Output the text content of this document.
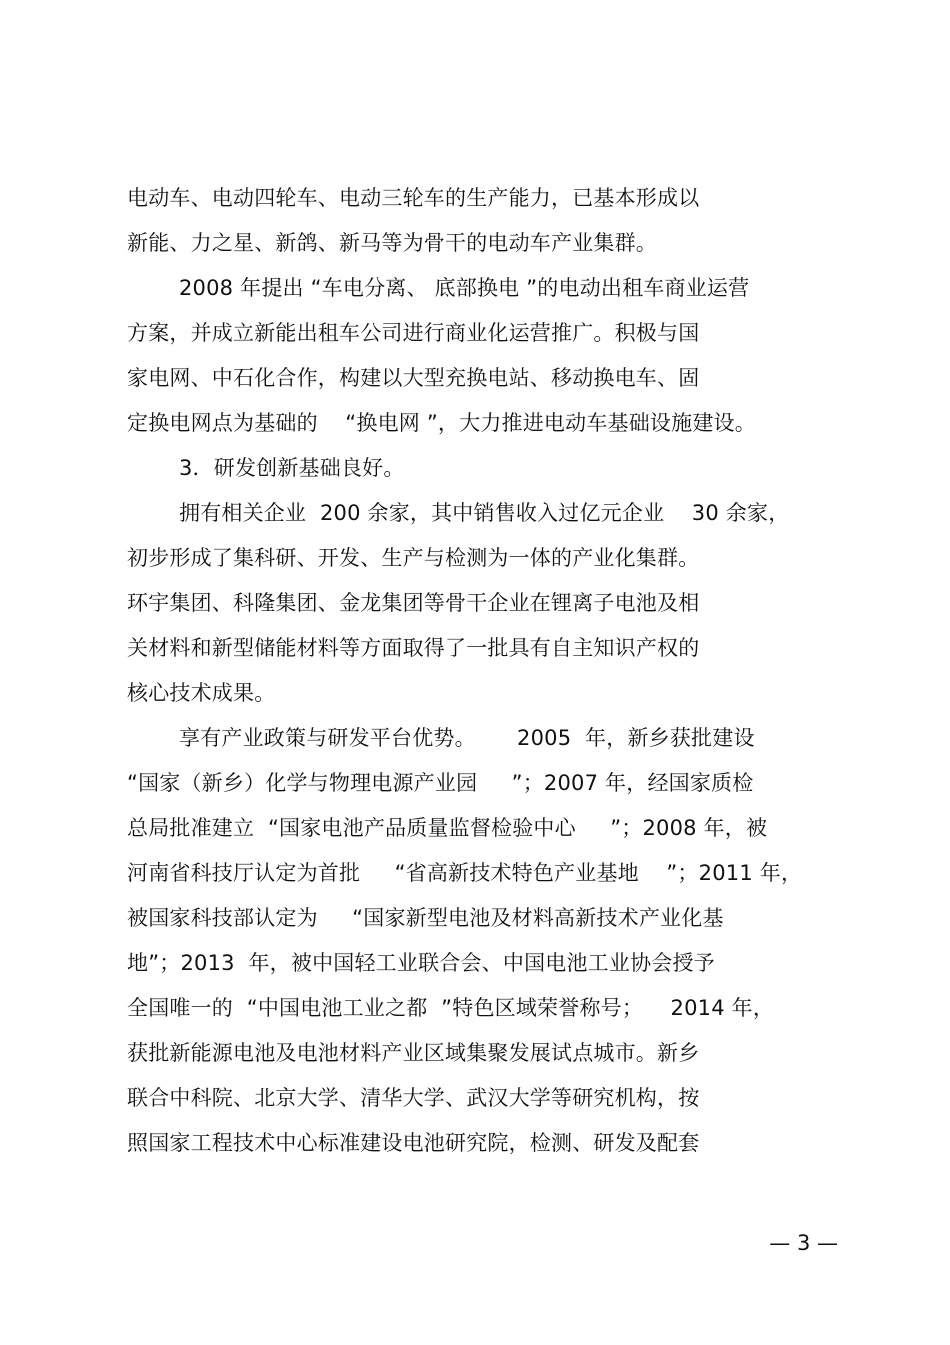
电动车、电动四轮车、电动三轮车的生产能力，已基本形成以
新能、力之星、新鸽、新马等为骨干的电动车产业集群。
2008 年提出 “车电分离、 底部换电 ”的电动出租车商业运营
方案，并成立新能出租车公司进行商业化运营推广。积极与国
家电网、中石化合作，构建以大型充换电站、移动换电车、固
定换电网点为基础的    “换电网 ”，大力推进电动车基础设施建设。
3．研发创新基础良好。
拥有相关企业  200 余家，其中销售收入过亿元企业    30 余家，
初步形成了集科研、开发、生产与检测为一体的产业化集群。
环宇集团、科隆集团、金龙集团等骨干企业在锂离子电池及相
关材料和新型储能材料等方面取得了一批具有自主知识产权的
核心技术成果。
享有产业政策与研发平台优势。      2005  年，新乡获批建设
“国家（新乡）化学与物理电源产业园     ”；2007 年，经国家质检
总局批准建立  “国家电池产品质量监督检验中心     ”；2008 年，被
河南省科技厅认定为首批     “省高新技术特色产业基地    ”；2011 年，
被国家科技部认定为     “国家新型电池及材料高新技术产业化基
地”；2013  年，被中国轻工业联合会、中国电池工业协会授予
全国唯一的  “中国电池工业之都  ”特色区域荣誉称号；    2014 年，
获批新能源电池及电池材料产业区域集聚发展试点城市。新乡
联合中科院、北京大学、清华大学、武汉大学等研究机构，按
照国家工程技术中心标准建设电池研究院，检测、研发及配套
— 3 —
